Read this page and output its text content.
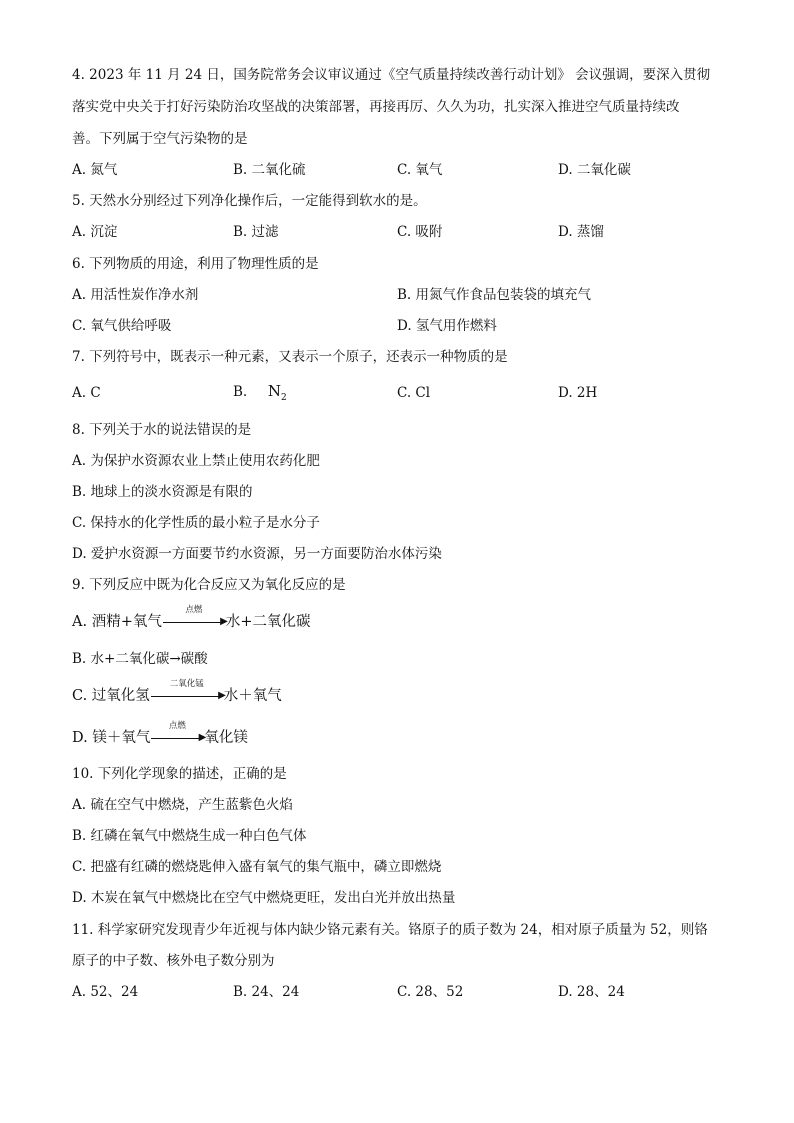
4. 2023 年 11 月 24 日，国务院常务会议审议通过《空气质量持续改善行动计划》 会议强调，要深入贯彻
落实党中央关于打好污染防治攻坚战的决策部署，再接再厉、久久为功，扎实深入推进空气质量持续改
善。下列属于空气污染物的是
A. 氮气	B. 二氧化硫	C. 氧气	D. 二氧化碳
5. 天然水分别经过下列净化操作后，一定能得到软水的是。
A. 沉淀	B. 过滤	C. 吸附	D. 蒸馏
6. 下列物质的用途，利用了物理性质的是
A. 用活性炭作净水剂	B. 用氮气作食品包装袋的填充气
C. 氧气供给呼吸	D. 氢气用作燃料
7. 下列符号中，既表示一种元素，又表示一个原子，还表示一种物质的是
A. C	B. $N_2$	C. Cl	D. 2H
8. 下列关于水的说法错误的是
A. 为保护水资源农业上禁止使用农药化肥
B. 地球上的淡水资源是有限的
C. 保持水的化学性质的最小粒子是水分子
D. 爱护水资源一方面要节约水资源，另一方面要防治水体污染
9. 下列反应中既为化合反应又为氧化反应的是
A. 酒精+氧气 $\frac{\text{点燃}}{▶}$ 水+二氧化碳
B. 水+二氧化碳→碳酸
C. 过氧化氢 $\frac{\text{二氧化锰}}{▶}$ 水＋氧气
D. 镁＋氧气 $\frac{\text{点燃}}{▶}$ 氧化镁
10. 下列化学现象的描述，正确的是
A. 硫在空气中燃烧，产生蓝紫色火焰
B. 红磷在氧气中燃烧生成一种白色气体
C. 把盛有红磷的燃烧匙伸入盛有氧气的集气瓶中，磷立即燃烧
D. 木炭在氧气中燃烧比在空气中燃烧更旺，发出白光并放出热量
11. 科学家研究发现青少年近视与体内缺少铬元素有关。铬原子的质子数为 24，相对原子质量为 52，则铬
原子的中子数、核外电子数分别为
A. 52、24	B. 24、24	C. 28、52	D. 28、24
